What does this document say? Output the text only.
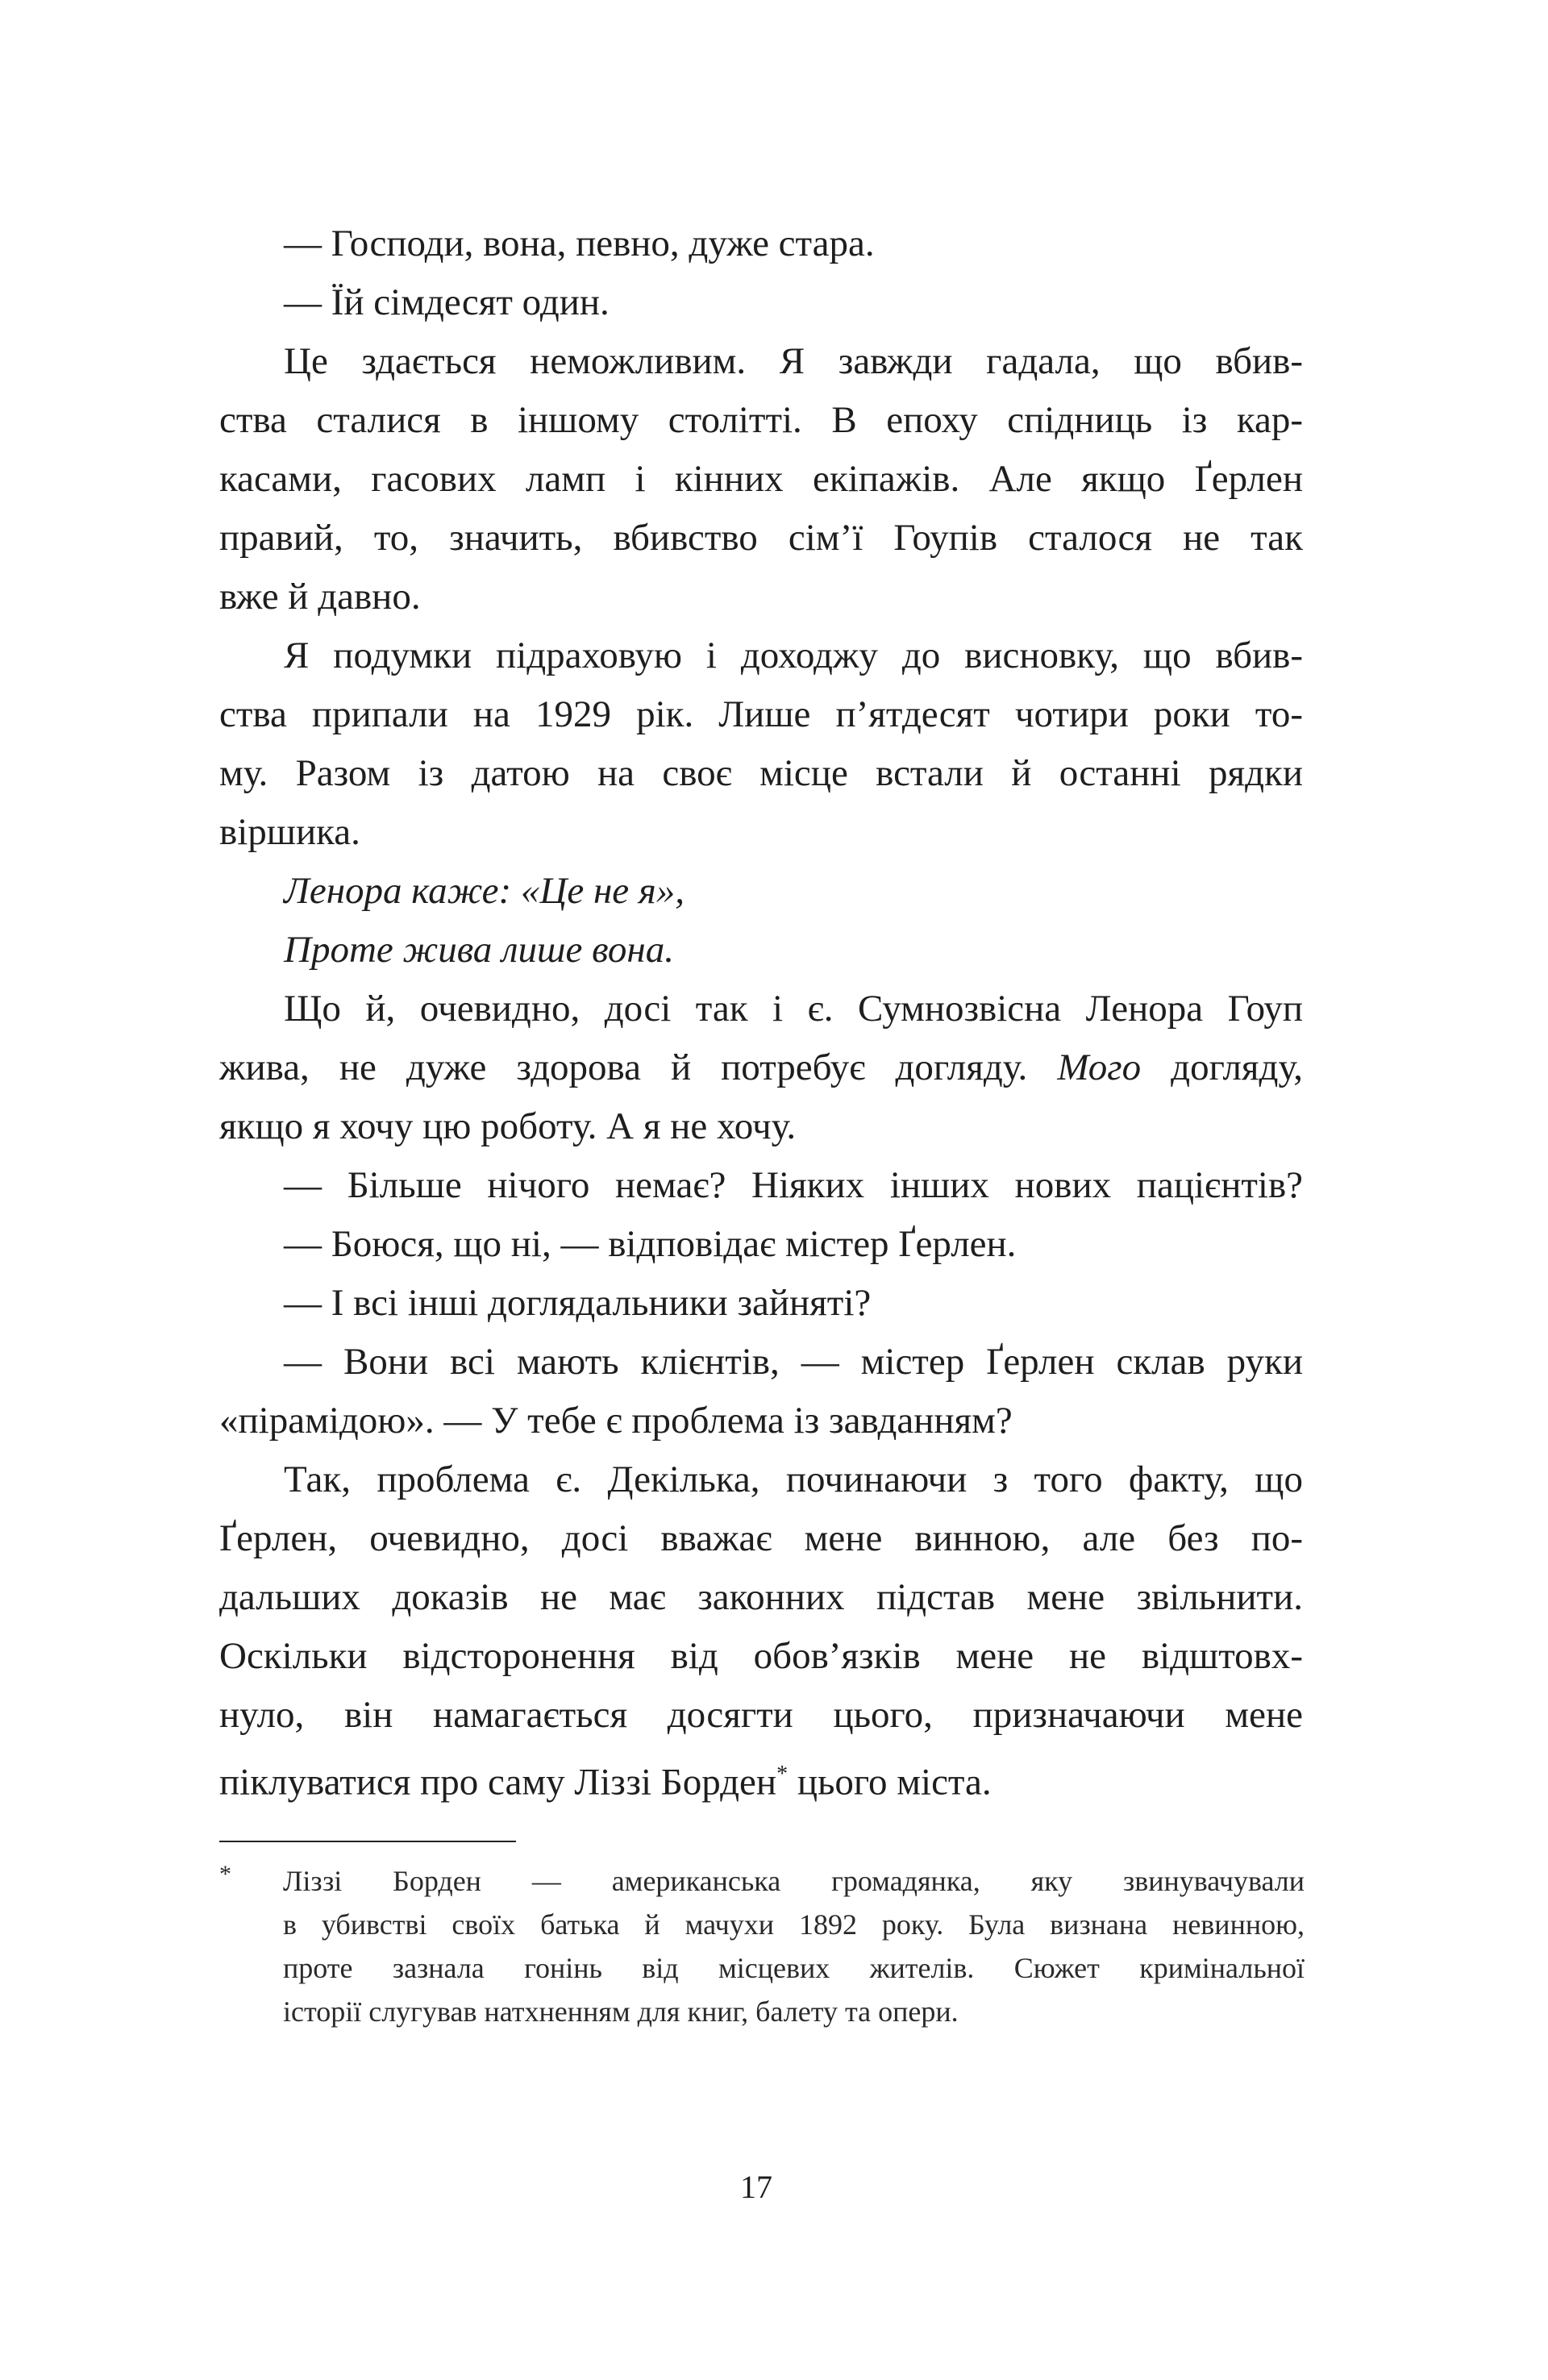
— Господи, вона, певно, дуже стара.
— Їй сімдесят один.
Це здається неможливим. Я завжди гадала, що вбив-
ства сталися в іншому столітті. В епоху спідниць із кар-
касами, гасових ламп і кінних екіпажів. Але якщо Ґерлен
правий, то, значить, вбивство сім’ї Гоупів сталося не так
вже й давно.
Я подумки підраховую і доходжу до висновку, що вбив-
ства припали на 1929 рік. Лише п’ятдесят чотири роки то-
му. Разом із датою на своє місце встали й останні рядки
віршика.
Ленора каже: «Це не я»,
Проте жива лише вона.
Що й, очевидно, досі так і є. Сумнозвісна Ленора Гоуп
жива, не дуже здорова й потребує догляду. Мого догляду,
якщо я хочу цю роботу. А я не хочу.
— Більше нічого немає? Ніяких інших нових пацієнтів?
— Боюся, що ні, — відповідає містер Ґерлен.
— І всі інші доглядальники зайняті?
— Вони всі мають клієнтів, — містер Ґерлен склав руки
«пірамідою». — У тебе є проблема із завданням?
Так, проблема є. Декілька, починаючи з того факту, що
Ґерлен, очевидно, досі вважає мене винною, але без по-
дальших доказів не має законних підстав мене звільнити.
Оскільки відсторонення від обов’язків мене не відштовх-
нуло, він намагається досягти цього, призначаючи мене
піклуватися про саму Ліззі Борден* цього міста.
* Ліззі Борден — американська громадянка, яку звинувачували
в убивстві своїх батька й мачухи 1892 року. Була визнана невинною,
проте зазнала гонінь від місцевих жителів. Сюжет кримінальної
історії слугував натхненням для книг, балету та опери.
17
